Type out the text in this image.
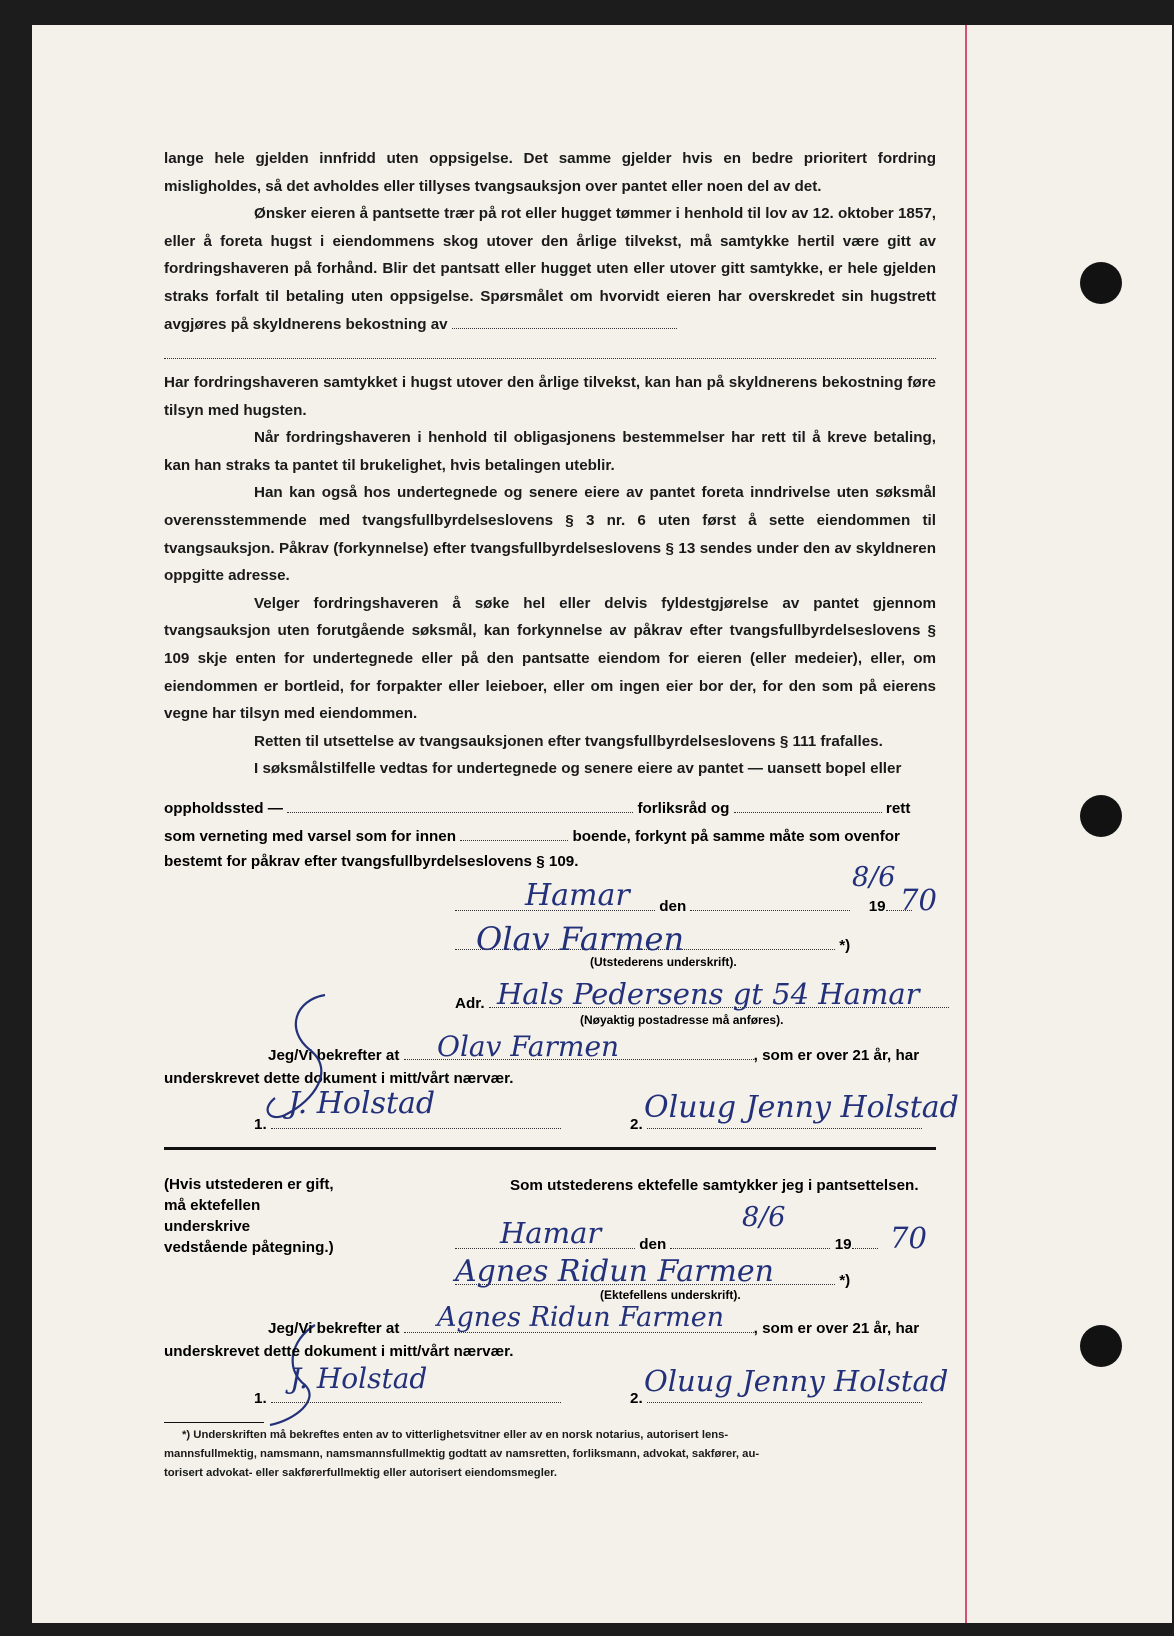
lange hele gjelden innfridd uten oppsigelse. Det samme gjelder hvis en bedre prioritert fordring misligholdes, så det avholdes eller tillyses tvangsauksjon over pantet eller noen del av det.

Ønsker eieren å pantsette trær på rot eller hugget tømmer i henhold til lov av 12. oktober 1857, eller å foreta hugst i eiendommens skog utover den årlige tilvekst, må samtykke hertil være gitt av fordringshaveren på forhånd. Blir det pantsatt eller hugget uten eller utover gitt samtykke, er hele gjelden straks forfalt til betaling uten oppsigelse. Spørsmålet om hvorvidt eieren har overskredet sin hugstrett avgjøres på skyldnerens bekostning av

Har fordringshaveren samtykket i hugst utover den årlige tilvekst, kan han på skyldnerens bekostning føre tilsyn med hugsten.

Når fordringshaveren i henhold til obligasjonens bestemmelser har rett til å kreve betaling, kan han straks ta pantet til brukelighet, hvis betalingen uteblir.

Han kan også hos undertegnede og senere eiere av pantet foreta inndrivelse uten søksmål overensstemmende med tvangsfullbyrdelseslovens § 3 nr. 6 uten først å sette eiendommen til tvangsauksjon. Påkrav (forkynnelse) efter tvangsfullbyrdelseslovens § 13 sendes under den av skyldneren oppgitte adresse.

Velger fordringshaveren å søke hel eller delvis fyldestgjørelse av pantet gjennom tvangsauksjon uten forutgående søksmål, kan forkynnelse av påkrav efter tvangsfullbyrdelseslovens § 109 skje enten for undertegnede eller på den pantsatte eiendom for eieren (eller medeier), eller, om eiendommen er bortleid, for forpakter eller leieboer, eller om ingen eier bor der, for den som på eierens vegne har tilsyn med eiendommen.

Retten til utsettelse av tvangsauksjonen efter tvangsfullbyrdelseslovens § 111 frafalles.

I søksmålstilfelle vedtas for undertegnede og senere eiere av pantet — uansett bopel eller

oppholdssted —	forliksråd og	rett
som verneting med varsel som for innen	boende, forkynt på samme måte som ovenfor
bestemt for påkrav efter tvangsfullbyrdelseslovens § 109.
den	19
Hamar
8/6
70
*)
Olav Farmen
(Utstederens underskrift).
Adr. Hals Pedersens gt 54 Hamar
(Nøyaktig postadresse må anføres).
Jeg/Vi bekrefter at	, som er over 21 år, har
Olav Farmen
underskrevet dette dokument i mitt/vårt nærvær.
1.	2.
J. Holstad	Oluug Jenny Holstad
(Hvis utstederen er gift,
må ektefellen underskrive
vedstående påtegning.)
Som utstederens ektefelle samtykker jeg i pantsettelsen.
den	19
Hamar	8/6
70
*)
Agnes Ridun Farmen
(Ektefellens underskrift).
Jeg/Vi bekrefter at	, som er over 21 år, har
Agnes Ridun Farmen
underskrevet dette dokument i mitt/vårt nærvær.
1.	2.
J. Holstad	Oluug Jenny Holstad
*) Underskriften må bekreftes enten av to vitterlighetsvitner eller av en norsk notarius, autorisert lens-
mannsfullmektig, namsmann, namsmannsfullmektig godtatt av namsretten, forliksmann, advokat, sakfører, au-
torisert advokat- eller sakførerfullmektig eller autorisert eiendomsmegler.
